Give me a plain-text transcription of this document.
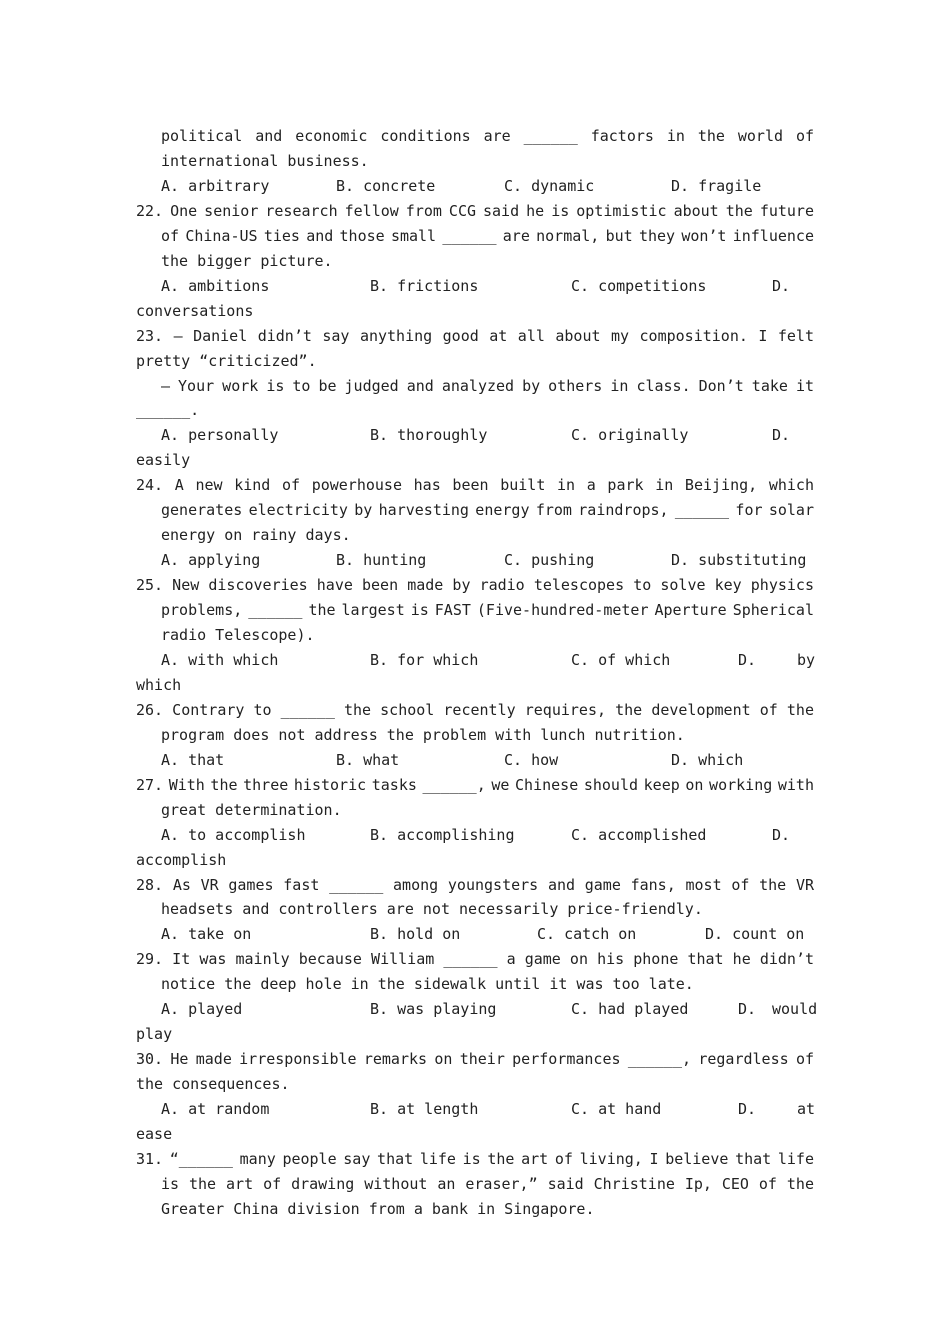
political and economic conditions are ______ factors in the world of
international business.
A. arbitrary	B. concrete	C. dynamic	D. fragile
22. One senior research fellow from CCG said he is optimistic about the future
of China-US ties and those small ______ are normal, but they won’t influence
the bigger picture.
A. ambitions	B. frictions	C. competitions	D.
conversations
23. — Daniel didn’t say anything good at all about my composition. I felt
pretty “criticized”.
— Your work is to be judged and analyzed by others in class. Don’t take it
______.
A. personally	B. thoroughly	C. originally	D.
easily
24. A new kind of powerhouse has been built in a park in Beijing, which
generates electricity by harvesting energy from raindrops, ______ for solar
energy on rainy days.
A. applying	B. hunting	C. pushing	D. substituting
25. New discoveries have been made by radio telescopes to solve key physics
problems, ______ the largest is FAST (Five-hundred-meter Aperture Spherical
radio Telescope).
A. with which	B. for which	C. of which	D.	by
which
26. Contrary to ______ the school recently requires, the development of the
program does not address the problem with lunch nutrition.
A. that	B. what	C. how	D. which
27. With the three historic tasks ______, we Chinese should keep on working with
great determination.
A. to accomplish	B. accomplishing	C. accomplished	D.
accomplish
28. As VR games fast ______ among youngsters and game fans, most of the VR
headsets and controllers are not necessarily price-friendly.
A. take on	B. hold on	C. catch on	D. count on
29. It was mainly because William ______ a game on his phone that he didn’t
notice the deep hole in the sidewalk until it was too late.
A. played	B. was playing	C. had played	D. would
play
30. He made irresponsible remarks on their performances ______, regardless of
the consequences.
A. at random	B. at length	C. at hand	D.	at
ease
31. “______ many people say that life is the art of living, I believe that life
is the art of drawing without an eraser,” said Christine Ip, CEO of the
Greater China division from a bank in Singapore.
